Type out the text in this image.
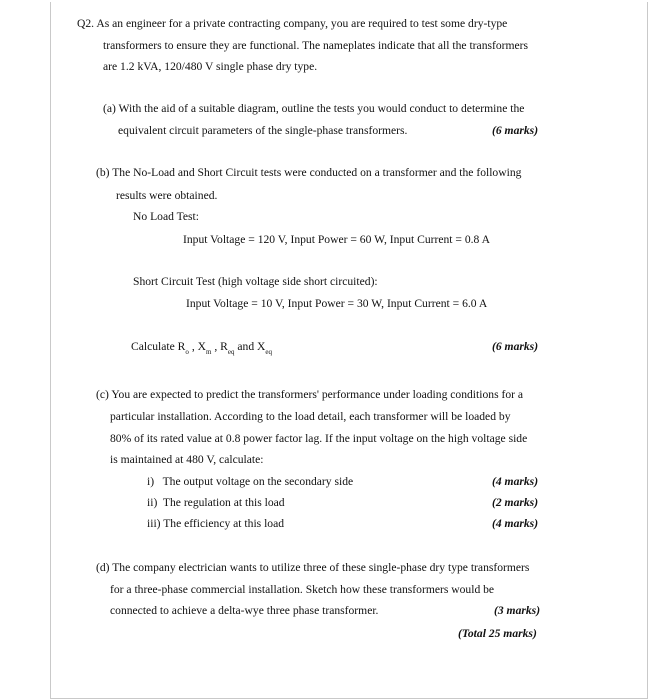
Q2. As an engineer for a private contracting company, you are required to test some dry-type
transformers to ensure they are functional. The nameplates indicate that all the transformers
are 1.2 kVA, 120/480 V single phase dry type.
(a) With the aid of a suitable diagram, outline the tests you would conduct to determine the
equivalent circuit parameters of the single-phase transformers.	(6 marks)
(b) The No-Load and Short Circuit tests were conducted on a transformer and the following
results were obtained.
No Load Test:
Input Voltage = 120 V, Input Power = 60 W, Input Current = 0.8 A
Short Circuit Test (high voltage side short circuited):
Input Voltage = 10 V, Input Power = 30 W, Input Current = 6.0 A
Calculate $R_o$ , $X_m$ , $R_{eq}$ and $X_{eq}$	(6 marks)
(c) You are expected to predict the transformers' performance under loading conditions for a
particular installation. According to the load detail, each transformer will be loaded by
80% of its rated value at 0.8 power factor lag. If the input voltage on the high voltage side
is maintained at 480 V, calculate:
i)   The output voltage on the secondary side	(4 marks)
ii)  The regulation at this load	(2 marks)
iii) The efficiency at this load	(4 marks)
(d) The company electrician wants to utilize three of these single-phase dry type transformers
for a three-phase commercial installation. Sketch how these transformers would be
connected to achieve a delta-wye three phase transformer.	(3 marks)
(Total 25 marks)
